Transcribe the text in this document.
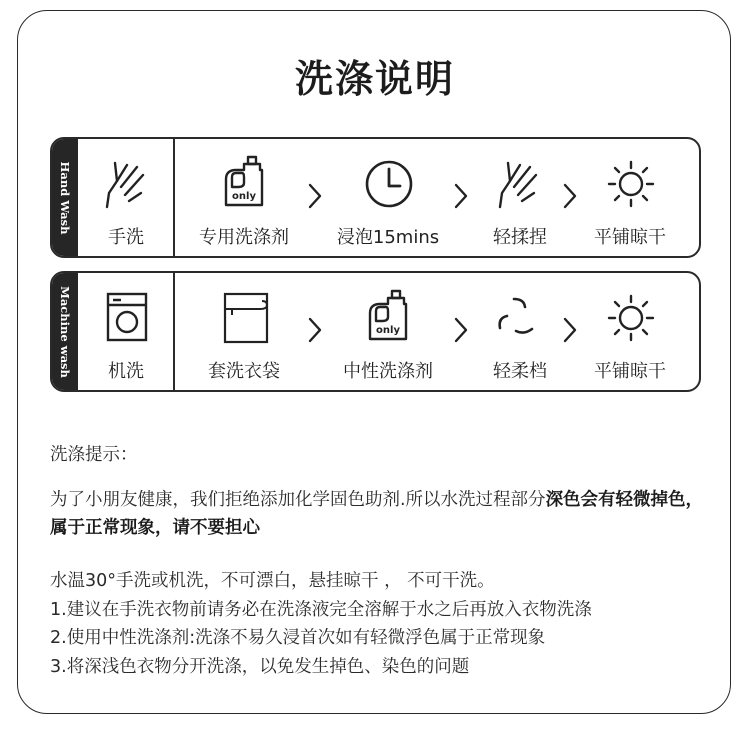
洗涤说明
Hand Wash
手洗
only
专用洗涤剂	浸泡15mins	轻揉捏	平铺晾干
Machine wash	机洗	套洗衣袋
only
中性洗涤剂	轻柔档	平铺晾干
洗涤提示：
为了小朋友健康，我们拒绝添加化学固色助剂.所以水洗过程部分深色会有轻微掉色，属于正常现象，请不要担心
水温30°手洗或机洗，不可漂白，悬挂晾干 ， 不可干洗。
1.建议在手洗衣物前请务必在洗涤液完全溶解于水之后再放入衣物洗涤
2.使用中性洗涤剂:洗涤不易久浸首次如有轻微浮色属于正常现象
3.将深浅色衣物分开洗涤，以免发生掉色、染色的问题
